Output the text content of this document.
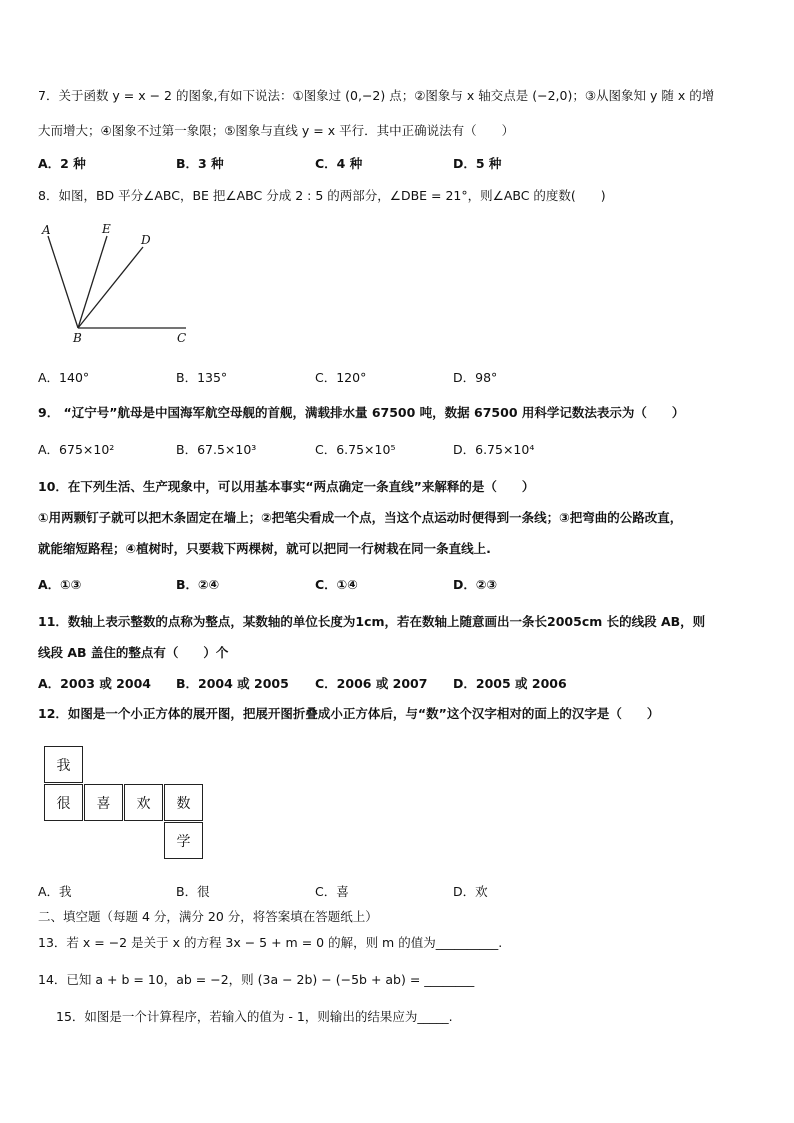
7．关于函数 y = x − 2 的图象,有如下说法：①图象过 (0,−2) 点；②图象与 x 轴交点是 (−2,0)；③从图象知 y 随 x 的增
大而增大；④图象不过第一象限；⑤图象与直线 y = x 平行．其中正确说法有（　　）
A．2 种	B．3 种	C．4 种	D．5 种
8．如图，BD 平分∠ABC，BE 把∠ABC 分成 2 : 5 的两部分，∠DBE = 21°，则∠ABC 的度数(　　)
A	E
D
B	C
A．140°	B．135°	C．120°	D．98°
9． “辽宁号”航母是中国海军航空母舰的首舰，满载排水量 67500 吨，数据 67500 用科学记数法表示为（　　）
A．675×10²	B．67.5×10³	C．6.75×10⁵	D．6.75×10⁴
10．在下列生活、生产现象中，可以用基本事实“两点确定一条直线”来解释的是（　　）
①用两颗钉子就可以把木条固定在墙上；②把笔尖看成一个点，当这个点运动时便得到一条线；③把弯曲的公路改直，
就能缩短路程；④植树时，只要栽下两棵树，就可以把同一行树栽在同一条直线上.
A．①③	B．②④	C．①④	D．②③
11．数轴上表示整数的点称为整点，某数轴的单位长度为1cm，若在数轴上随意画出一条长2005cm 长的线段 AB，则
线段 AB 盖住的整点有（　　）个
A．2003 或 2004 B．2004 或 2005 C．2006 或 2007 D．2005 或 2006
12．如图是一个小正方体的展开图，把展开图折叠成小正方体后，与“数”这个汉字相对的面上的汉字是（　　）
我
很	喜	欢	数
学
A．我	B．很	C．喜	D．欢
二、填空题（每题 4 分，满分 20 分，将答案填在答题纸上）
13．若 x = −2 是关于 x 的方程 3x − 5 + m = 0 的解，则 m 的值为__________.
14．已知 a + b = 10，ab = −2，则 (3a − 2b) − (−5b + ab) = ________
15．如图是一个计算程序，若输入的值为 - 1，则输出的结果应为_____.
